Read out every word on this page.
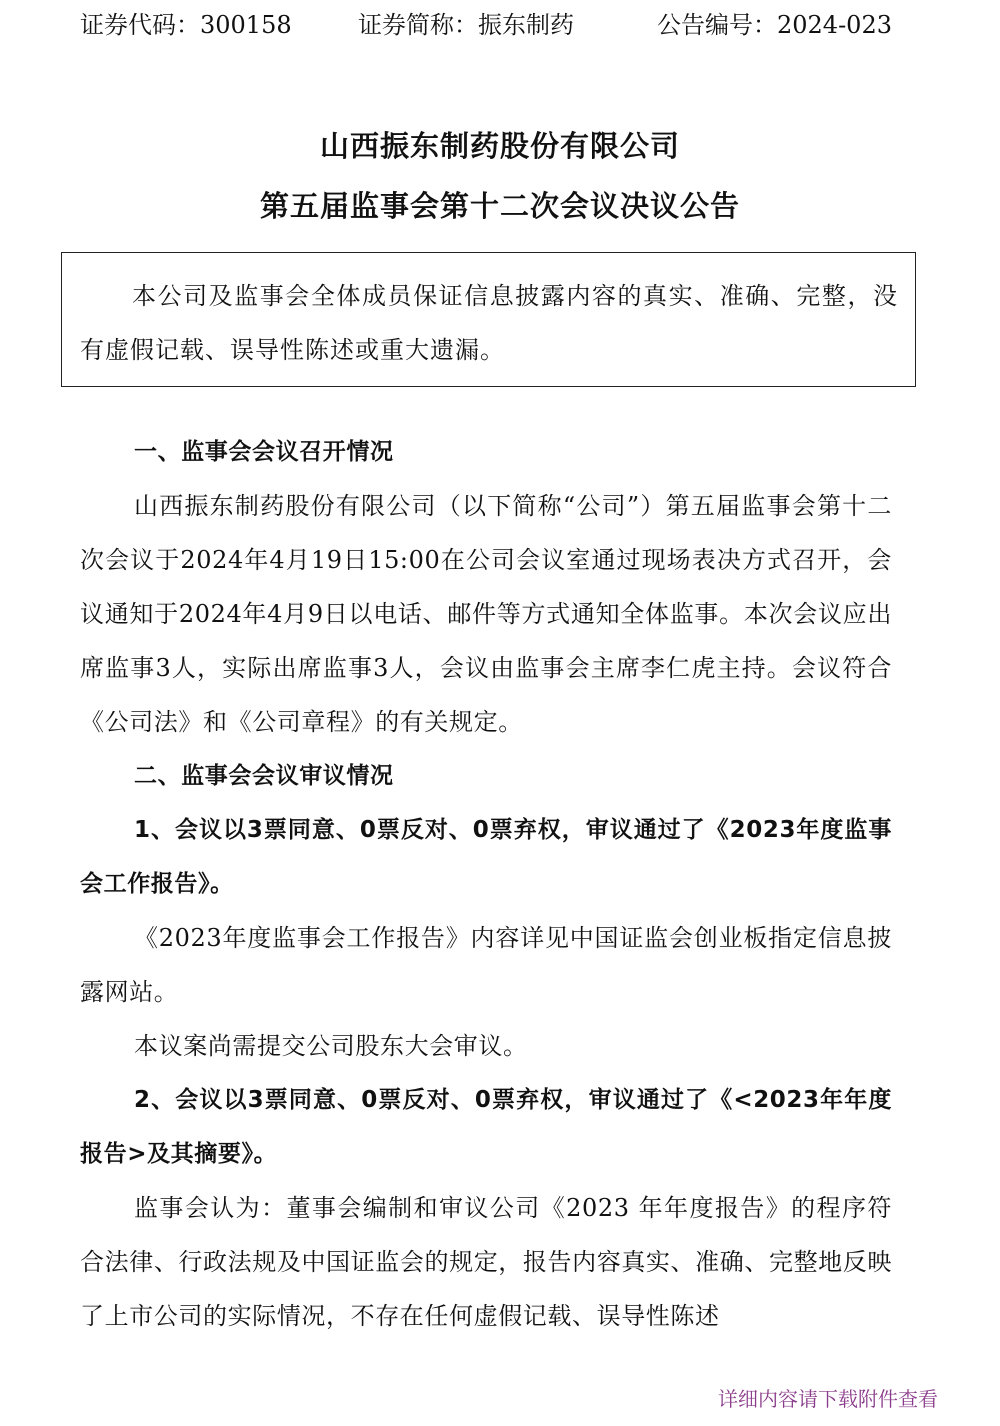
证券代码：300158	证券简称：振东制药	公告编号：2024-023
山西振东制药股份有限公司
第五届监事会第十二次会议决议公告
本公司及监事会全体成员保证信息披露内容的真实、准确、完整，没有虚假记载、误导性陈述或重大遗漏。

一、监事会会议召开情况

山西振东制药股份有限公司（以下简称“公司”）第五届监事会第十二次会议于2024年4月19日15:00在公司会议室通过现场表决方式召开，会议通知于2024年4月9日以电话、邮件等方式通知全体监事。本次会议应出席监事3人，实际出席监事3人，会议由监事会主席李仁虎主持。会议符合《公司法》和《公司章程》的有关规定。

二、监事会会议审议情况

1、会议以3票同意、0票反对、0票弃权，审议通过了《2023年度监事会工作报告》。

《2023年度监事会工作报告》内容详见中国证监会创业板指定信息披露网站。

本议案尚需提交公司股东大会审议。

2、会议以3票同意、0票反对、0票弃权，审议通过了《<2023年年度报告>及其摘要》。

监事会认为：董事会编制和审议公司《2023 年年度报告》的程序符合法律、行政法规及中国证监会的规定，报告内容真实、准确、完整地反映了上市公司的实际情况，不存在任何虚假记载、误导性陈述

详细内容请下载附件查看
